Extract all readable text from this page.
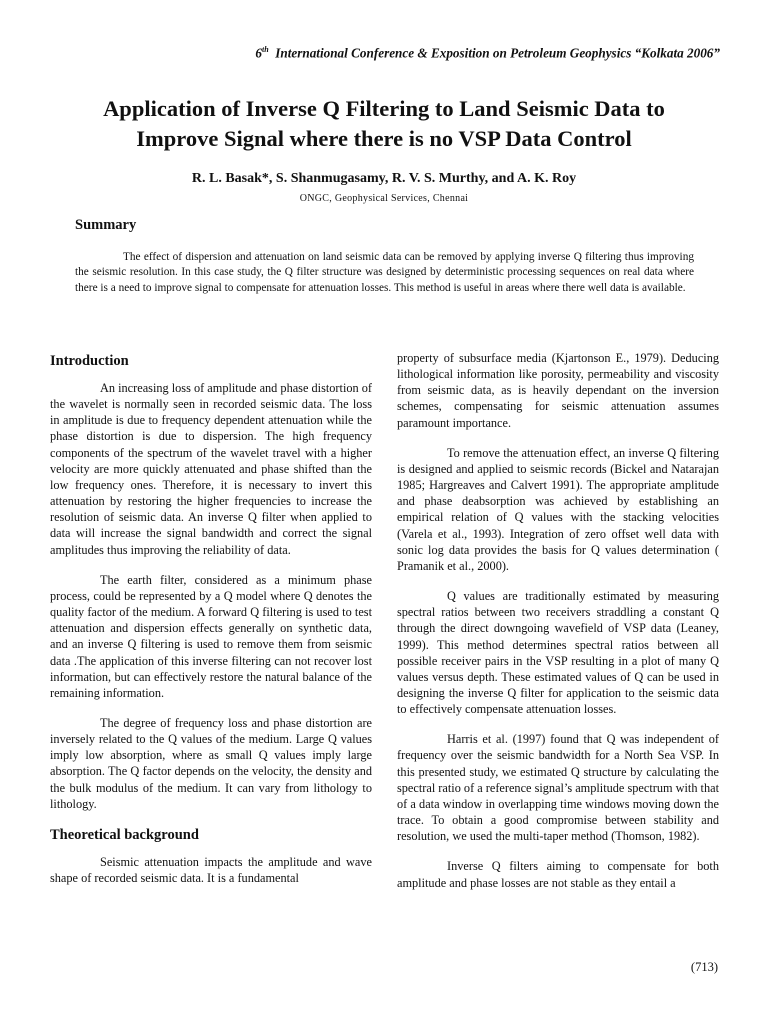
6th International Conference & Exposition on Petroleum Geophysics “Kolkata 2006”
Application of Inverse Q Filtering to Land Seismic Data to
Improve Signal where there is no VSP Data Control
R. L. Basak*, S. Shanmugasamy, R. V. S. Murthy, and A. K. Roy
ONGC, Geophysical Services, Chennai
Summary

The effect of dispersion and attenuation on land seismic data can be removed by applying inverse Q filtering thus improving the seismic resolution. In this case study, the Q filter structure was designed by deterministic processing sequences on real data where there is a need to improve signal to compensate for attenuation losses. This method is useful in areas where there well data is available.

Introduction

An increasing loss of amplitude and phase distortion of the wavelet is normally seen in recorded seismic data. The loss in amplitude is due to frequency dependent attenuation while the phase distortion is due to dispersion. The high frequency components of the spectrum of the wavelet travel with a higher velocity are more quickly attenuated and phase shifted than the low frequency ones. Therefore, it is necessary to invert this attenuation by restoring the higher frequencies to increase the resolution of seismic data. An inverse Q filter when applied to data will increase the signal bandwidth and correct the signal amplitudes thus improving the reliability of data.

The earth filter, considered as a minimum phase process, could be represented by a Q model where Q denotes the quality factor of the medium. A forward Q filtering is used to test attenuation and dispersion effects generally on synthetic data, and an inverse Q filtering is used to remove them from seismic data .The application of this inverse filtering can not recover lost information, but can effectively restore the natural balance of the remaining information.

The degree of frequency loss and phase distortion are inversely related to the Q values of the medium. Large Q values imply low absorption, where as small Q values imply large absorption. The Q factor depends on the velocity, the density and the bulk modulus of the medium. It can vary from lithology to lithology.

Theoretical background

Seismic attenuation impacts the amplitude and wave shape of recorded seismic data. It is a fundamental

property of subsurface media (Kjartonson E., 1979). Deducing lithological information like porosity, permeability and viscosity from seismic data, as is heavily dependant on the inversion schemes, compensating for seismic attenuation assumes paramount importance.

To remove the attenuation effect, an inverse Q filtering is designed and applied to seismic records (Bickel and Natarajan 1985; Hargreaves and Calvert 1991). The appropriate amplitude and phase deabsorption was achieved by establishing an empirical relation of Q values with the stacking velocities (Varela et al., 1993). Integration of zero offset well data with sonic log data provides the basis for Q values determination ( Pramanik et al., 2000).

Q values are traditionally estimated by measuring spectral ratios between two receivers straddling a constant Q through the direct downgoing wavefield of VSP data (Leaney, 1999). This method determines spectral ratios between all possible receiver pairs in the VSP resulting in a plot of many Q values versus depth. These estimated values of Q can be used in designing the inverse Q filter for application to the seismic data to effectively compensate attenuation losses.

Harris et al. (1997) found that Q was independent of frequency over the seismic bandwidth for a North Sea VSP. In this presented study, we estimated Q structure by calculating the spectral ratio of a reference signal’s amplitude spectrum with that of a data window in overlapping time windows moving down the trace. To obtain a good compromise between stability and resolution, we used the multi-taper method (Thomson, 1982).

Inverse Q filters aiming to compensate for both amplitude and phase losses are not stable as they entail a

(713)
